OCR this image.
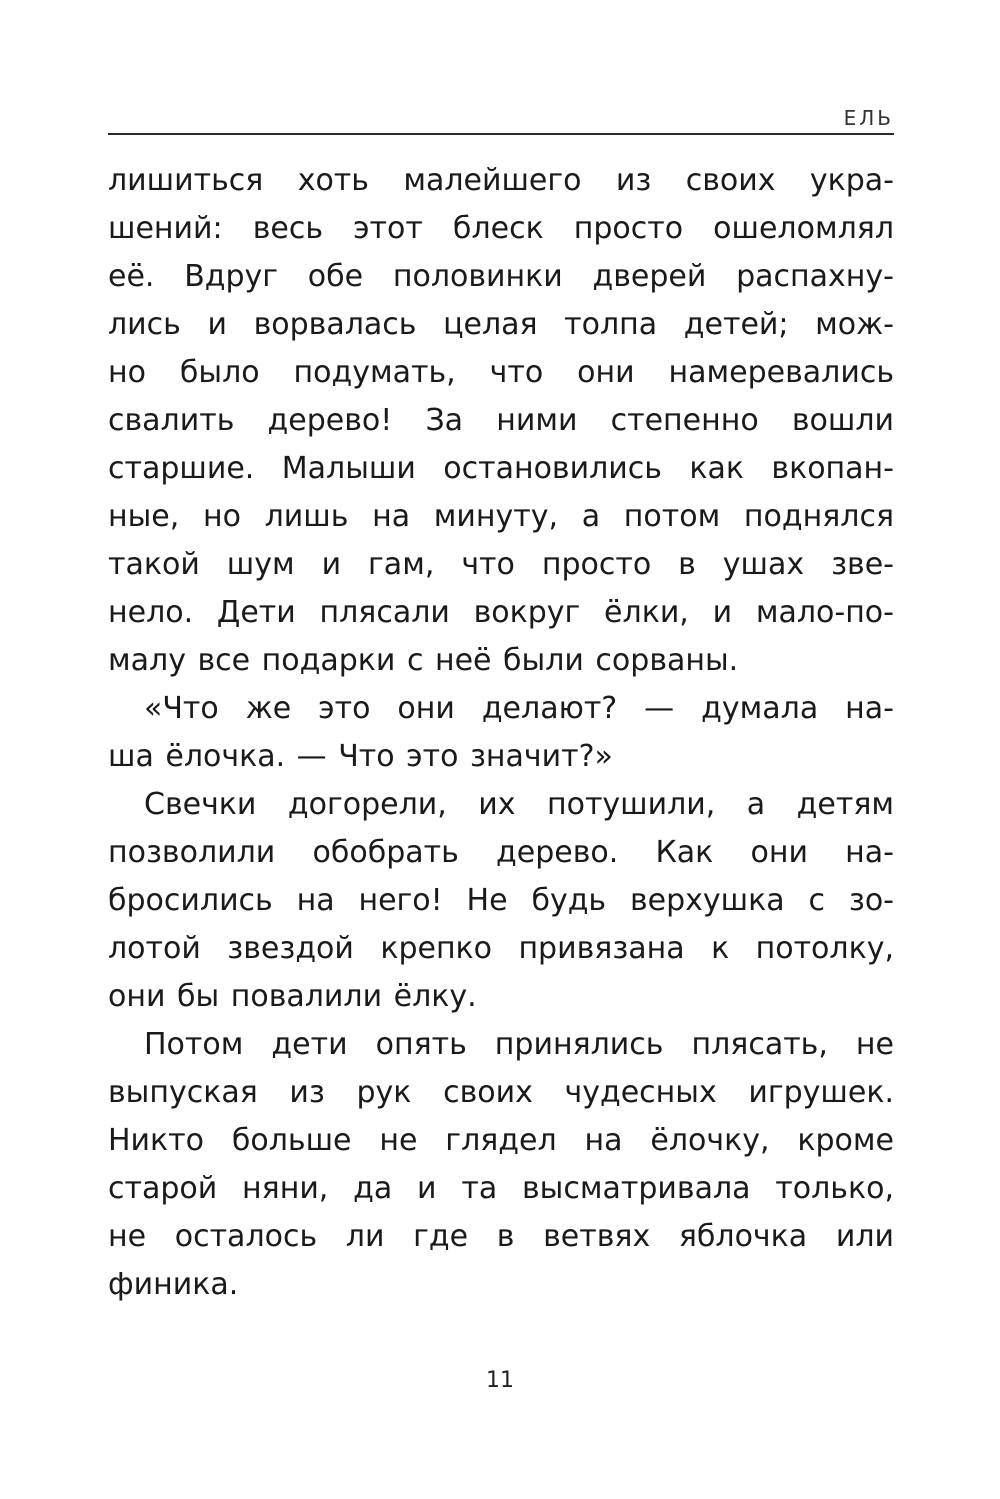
ЕЛЬ
лишиться хоть малейшего из своих укра-
шений: весь этот блеск просто ошеломлял
её. Вдруг обе половинки дверей распахну-
лись и ворвалась целая толпа детей; мож-
но было подумать, что они намеревались
свалить дерево! За ними степенно вошли
старшие. Малыши остановились как вкопан-
ные, но лишь на минуту, а потом поднялся
такой шум и гам, что просто в ушах зве-
нело. Дети плясали вокруг ёлки, и мало-по-
малу все подарки с неё были сорваны.
«Что же это они делают? — думала на-
ша ёлочка. — Что это значит?»
Свечки догорели, их потушили, а детям
позволили обобрать дерево. Как они на-
бросились на него! Не будь верхушка с зо-
лотой звездой крепко привязана к потолку,
они бы повалили ёлку.
Потом дети опять принялись плясать, не
выпуская из рук своих чудесных игрушек.
Никто больше не глядел на ёлочку, кроме
старой няни, да и та высматривала только,
не осталось ли где в ветвях яблочка или
финика.
11
